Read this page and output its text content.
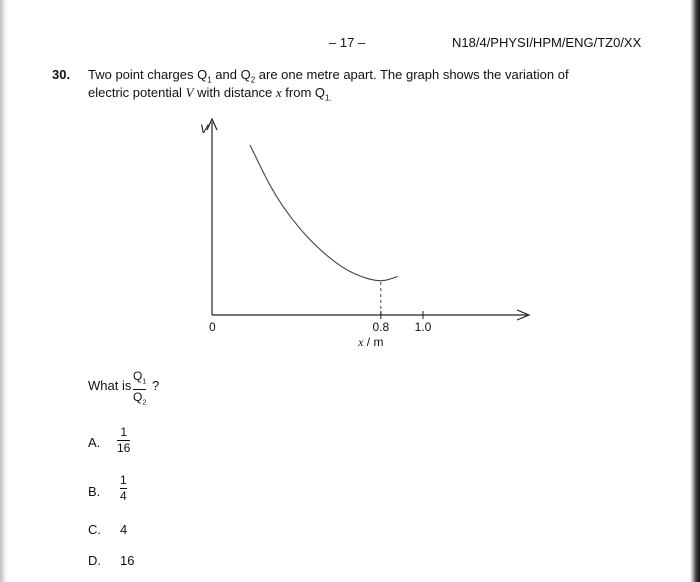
– 17 –	N18/4/PHYSI/HPM/ENG/TZ0/XX
30. Two point charges $Q_1$ and $Q_2$ are one metre apart. The graph shows the variation of
electric potential V with distance x from $Q_{1.}$
V
0	0.8 1.0
x / m
What is
$Q_1$
$Q_2$
?
A.
1
16
B.
1
4
C. 4
D. 16
